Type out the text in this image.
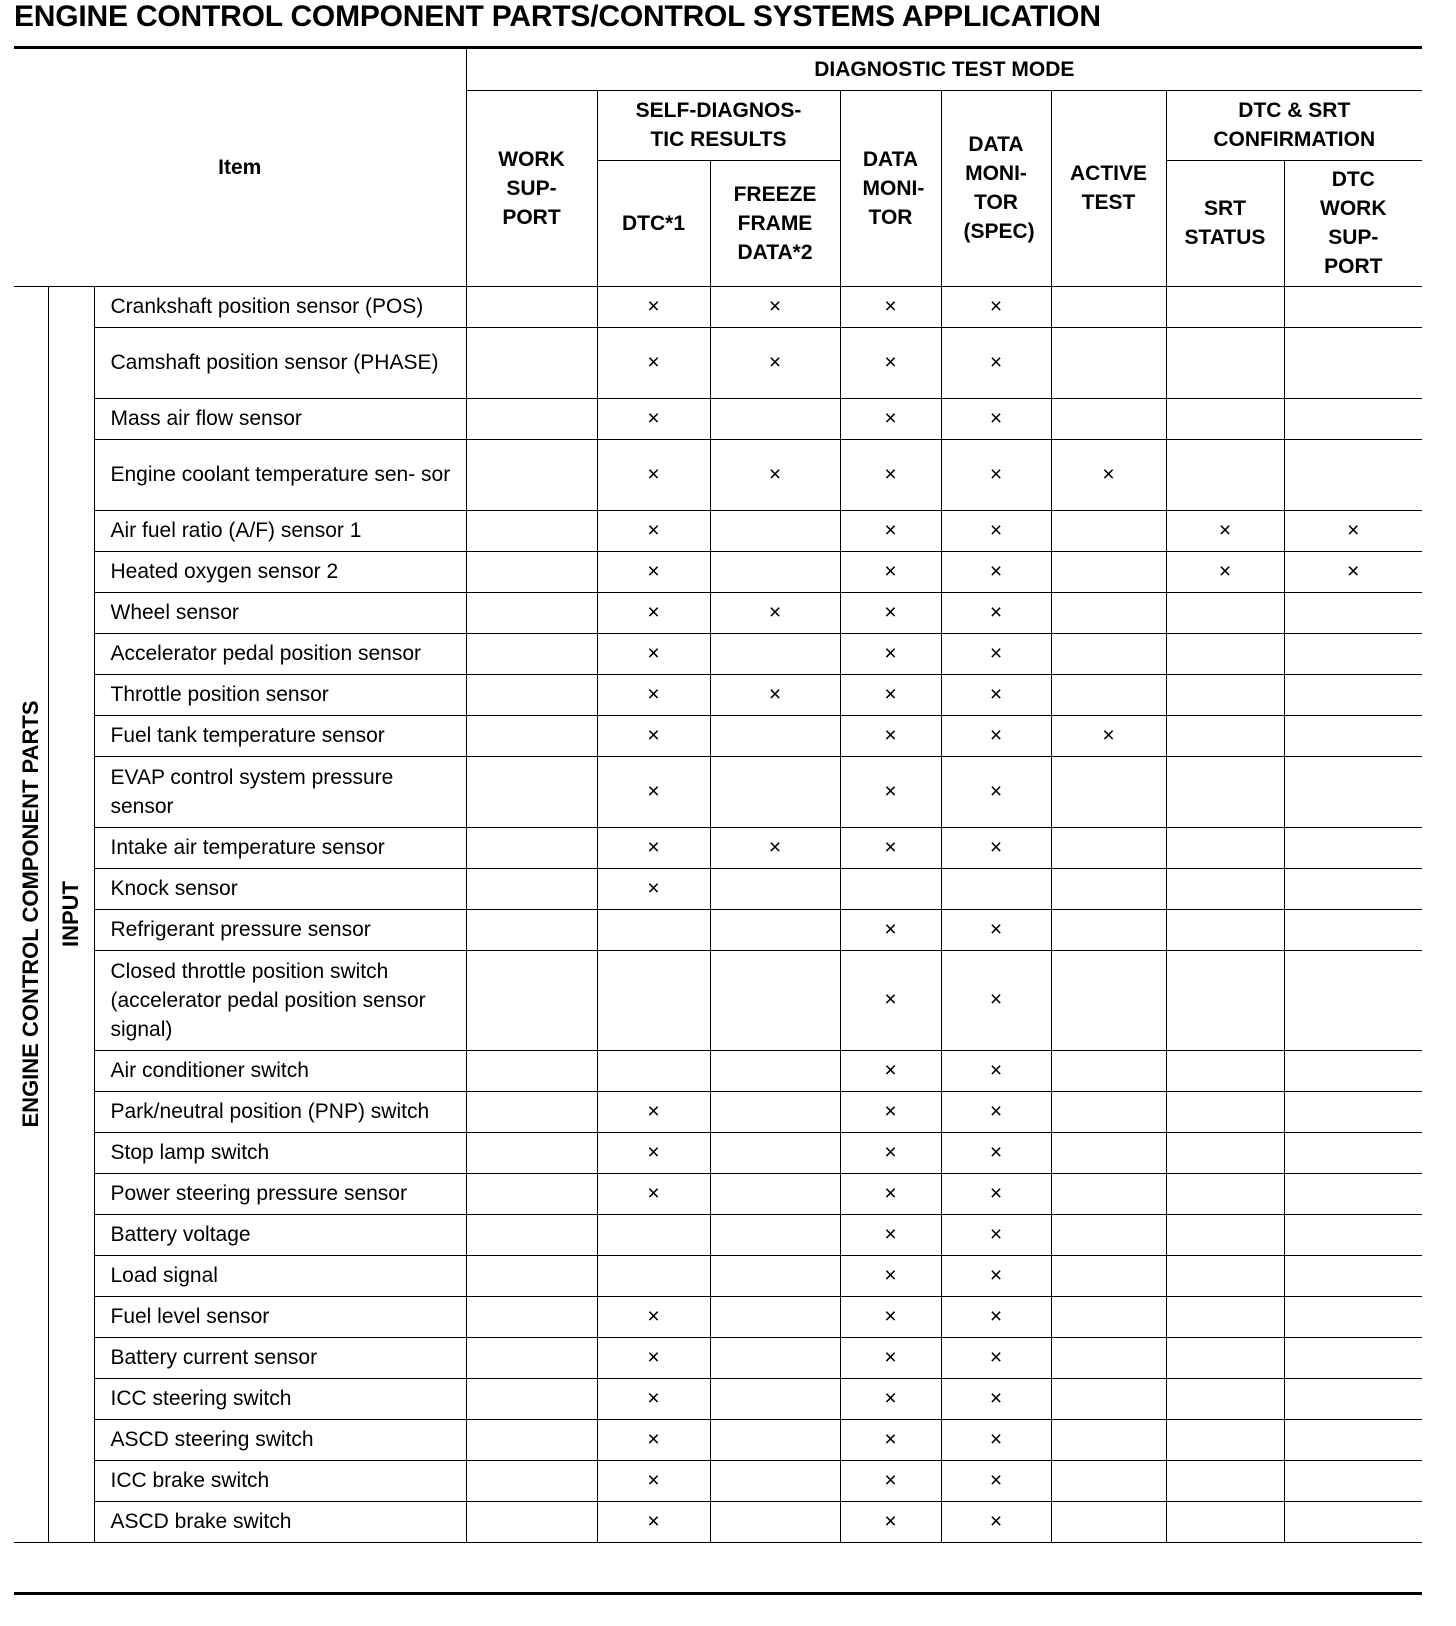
ENGINE CONTROL COMPONENT PARTS/CONTROL SYSTEMS APPLICATION
Item			DIAGNOSTIC TEST MODE							
			WORK SUP- PORT	SELF-DIAGNOS- TIC RESULTS		DATA MONI- TOR	DATA MONI- TOR (SPEC)	ACTIVE TEST	DTC & SRT CONFIRMATION	
				DTC*1	FREEZE FRAME DATA*2				SRT STATUS	DTC WORK SUP- PORT

ENGINE CONTROL COMPONENT PARTS	INPUT	Crankshaft position sensor (POS)		×	×	×	×			
		Camshaft position sensor (PHASE)		×	×	×	×			
		Mass air flow sensor		×		×	×			
		Engine coolant temperature sen- sor		×	×	×	×	×		
		Air fuel ratio (A/F) sensor 1		×		×	×		×	×
		Heated oxygen sensor 2		×		×	×		×	×
		Wheel sensor		×	×	×	×			
		Accelerator pedal position sensor		×		×	×			
		Throttle position sensor		×	×	×	×			
		Fuel tank temperature sensor		×		×	×	×		
		EVAP control system pressure sensor		×		×	×			
		Intake air temperature sensor		×	×	×	×			
		Knock sensor		×						
		Refrigerant pressure sensor				×	×			
		Closed throttle position switch (accelerator pedal position sensor signal)				×	×			
		Air conditioner switch				×	×			
		Park/neutral position (PNP) switch		×		×	×			
		Stop lamp switch		×		×	×			
		Power steering pressure sensor		×		×	×			
		Battery voltage				×	×			
		Load signal				×	×			
		Fuel level sensor		×		×	×			
		Battery current sensor		×		×	×			
		ICC steering switch		×		×	×			
		ASCD steering switch		×		×	×			
		ICC brake switch		×		×	×			
		ASCD brake switch		×		×	×			
